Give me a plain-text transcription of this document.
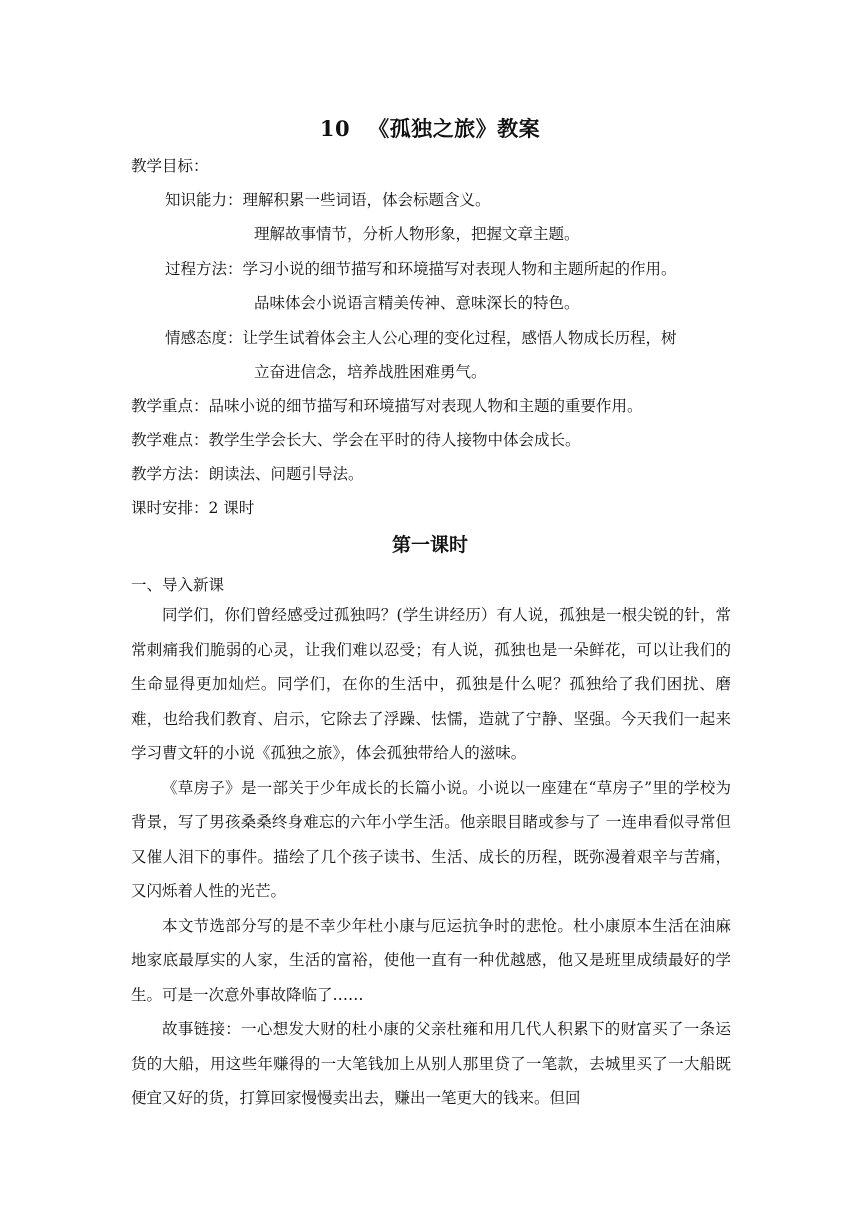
10 《孤独之旅》教案
教学目标：
知识能力：理解积累一些词语，体会标题含义。
理解故事情节，分析人物形象，把握文章主题。
过程方法：学习小说的细节描写和环境描写对表现人物和主题所起的作用。
品味体会小说语言精美传神、意味深长的特色。
情感态度：让学生试着体会主人公心理的变化过程，感悟人物成长历程，树
立奋进信念，培养战胜困难勇气。
教学重点：品味小说的细节描写和环境描写对表现人物和主题的重要作用。
教学难点：教学生学会长大、学会在平时的待人接物中体会成长。
教学方法：朗读法、问题引导法。
课时安排：2 课时
第一课时
一、导入新课

同学们，你们曾经感受过孤独吗？(学生讲经历）有人说，孤独是一根尖锐的针，常常刺痛我们脆弱的心灵，让我们难以忍受；有人说，孤独也是一朵鲜花，可以让我们的生命显得更加灿烂。同学们，在你的生活中，孤独是什么呢？孤独给了我们困扰、磨难，也给我们教育、启示，它除去了浮躁、怯懦，造就了宁静、坚强。今天我们一起来学习曹文轩的小说《孤独之旅》，体会孤独带给人的滋味。

《草房子》是一部关于少年成长的长篇小说。小说以一座建在“草房子”里的学校为背景，写了男孩桑桑终身难忘的六年小学生活。他亲眼目睹或参与了 一连串看似寻常但又催人泪下的事件。描绘了几个孩子读书、生活、成长的历程，既弥漫着艰辛与苦痛，又闪烁着人性的光芒。

本文节选部分写的是不幸少年杜小康与厄运抗争时的悲怆。杜小康原本生活在油麻地家底最厚实的人家，生活的富裕，使他一直有一种优越感，他又是班里成绩最好的学生。可是一次意外事故降临了……

故事链接：一心想发大财的杜小康的父亲杜雍和用几代人积累下的财富买了一条运货的大船，用这些年赚得的一大笔钱加上从别人那里贷了一笔款，去城里买了一大船既便宜又好的货，打算回家慢慢卖出去，赚出一笔更大的钱来。但回
